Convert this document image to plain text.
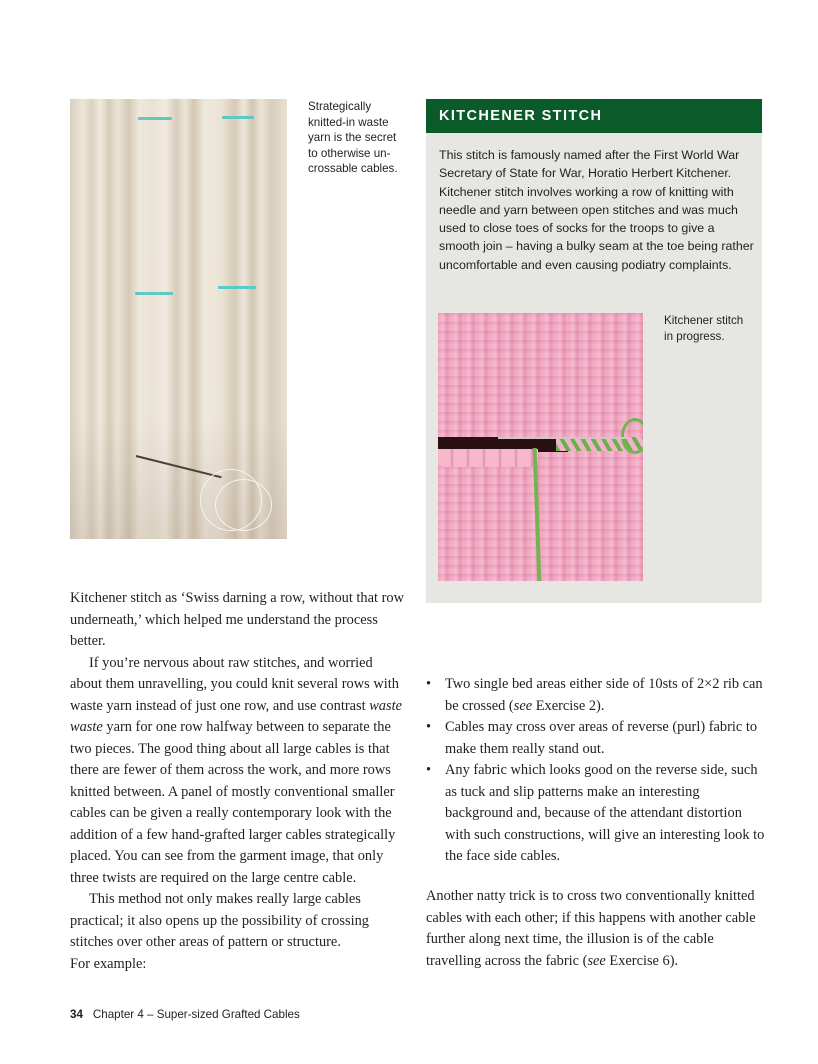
Strategically knitted-in waste yarn is the secret to otherwise un-crossable cables.
KITCHENER STITCH
This stitch is famously named after the First World War Secretary of State for War, Horatio Herbert Kitchener. Kitchener stitch involves working a row of knitting with needle and yarn between open stitches and was much used to close toes of socks for the troops to give a smooth join – having a bulky seam at the toe being rather uncomfortable and even causing podiatry complaints.
Kitchener stitch in progress.

Kitchener stitch as ‘Swiss darning a row, without that row underneath,’ which helped me understand the process better.

If you’re nervous about raw stitches, and worried about them unravelling, you could knit several rows with waste yarn instead of just one row, and use contrast waste waste yarn for one row halfway between to separate the two pieces. The good thing about all large cables is that there are fewer of them across the work, and more rows knitted between. A panel of mostly conventional smaller cables can be given a really contemporary look with the addition of a few hand-grafted larger cables strategically placed. You can see from the garment image, that only three twists are required on the large centre cable.

This method not only makes really large cables practical; it also opens up the possibility of crossing stitches over other areas of pattern or structure.

For example:

• Two single bed areas either side of 10sts of 2×2 rib can be crossed (see Exercise 2).
• Cables may cross over areas of reverse (purl) fabric to make them really stand out.
• Any fabric which looks good on the reverse side, such as tuck and slip patterns make an interesting background and, because of the attendant distortion with such constructions, will give an interesting look to the face side cables.

Another natty trick is to cross two conventionally knitted cables with each other; if this happens with another cable further along next time, the illusion is of the cable travelling across the fabric (see Exercise 6).

34 Chapter 4 – Super-sized Grafted Cables
